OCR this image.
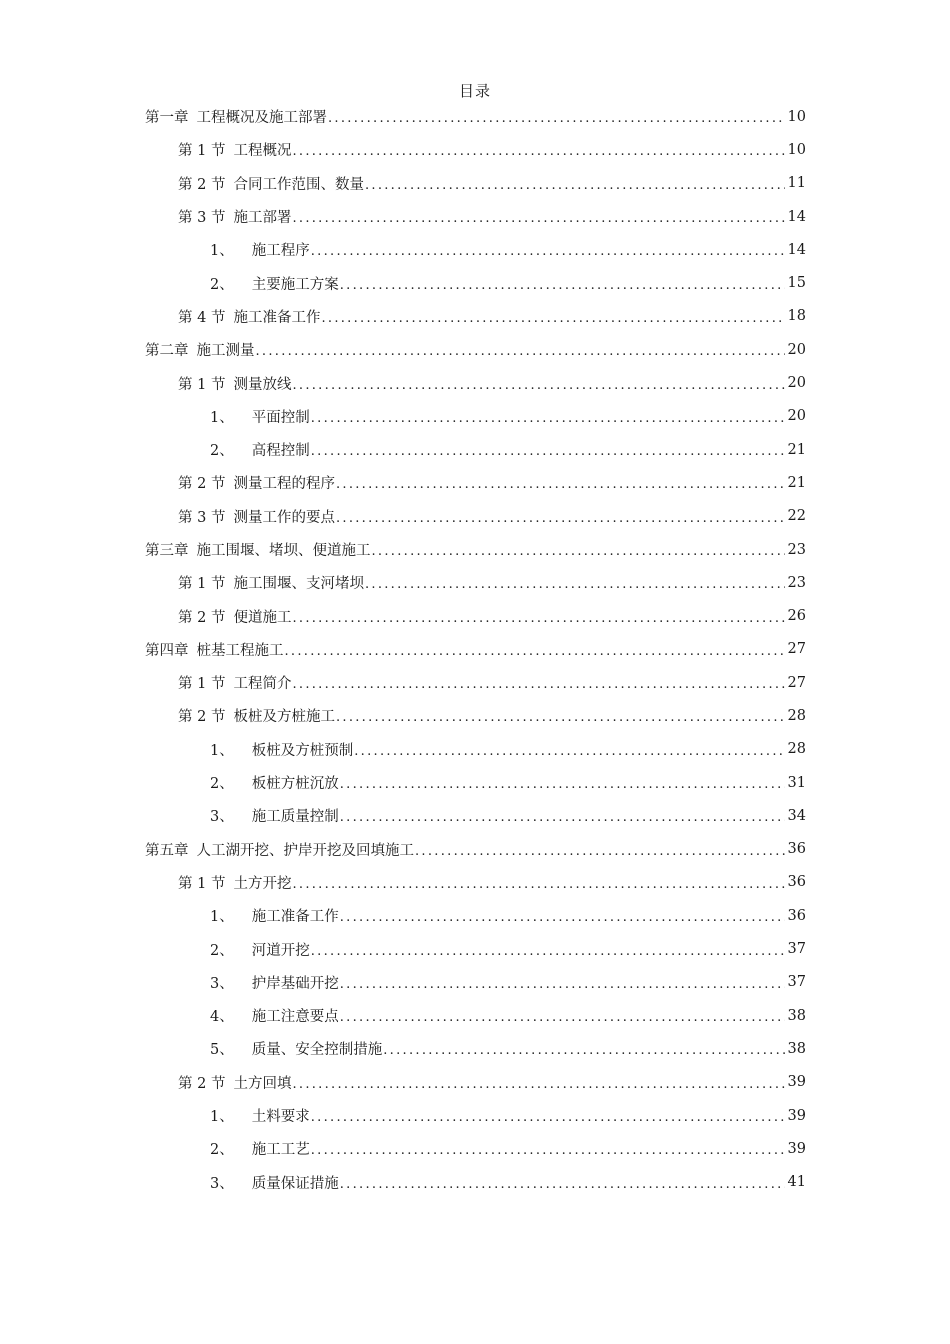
目录
第一章 工程概况及施工部署 .....	10
第 1 节 工程概况 .....	10
第 2 节 合同工作范围、数量 .....	11
第 3 节 施工部署 .....	14
1、 施工程序 .....	14
2、 主要施工方案 .....	15
第 4 节 施工准备工作 .....	18
第二章 施工测量 .....	20
第 1 节 测量放线 .....	20
1、 平面控制 .....	20
2、 高程控制 .....	21
第 2 节 测量工程的程序 .....	21
第 3 节 测量工作的要点 .....	22
第三章 施工围堰、堵坝、便道施工 .....	23
第 1 节 施工围堰、支河堵坝 .....	23
第 2 节 便道施工 .....	26
第四章 桩基工程施工 .....	27
第 1 节 工程简介 .....	27
第 2 节 板桩及方桩施工 .....	28
1、 板桩及方桩预制 .....	28
2、 板桩方桩沉放 .....	31
3、 施工质量控制 .....	34
第五章 人工湖开挖、护岸开挖及回填施工 .....	36
第 1 节 土方开挖 .....	36
1、 施工准备工作 .....	36
2、 河道开挖 .....	37
3、 护岸基础开挖 .....	37
4、 施工注意要点 .....	38
5、 质量、安全控制措施 .....	38
第 2 节 土方回填 .....	39
1、 土料要求 .....	39
2、 施工工艺 .....	39
3、 质量保证措施 .....	41
